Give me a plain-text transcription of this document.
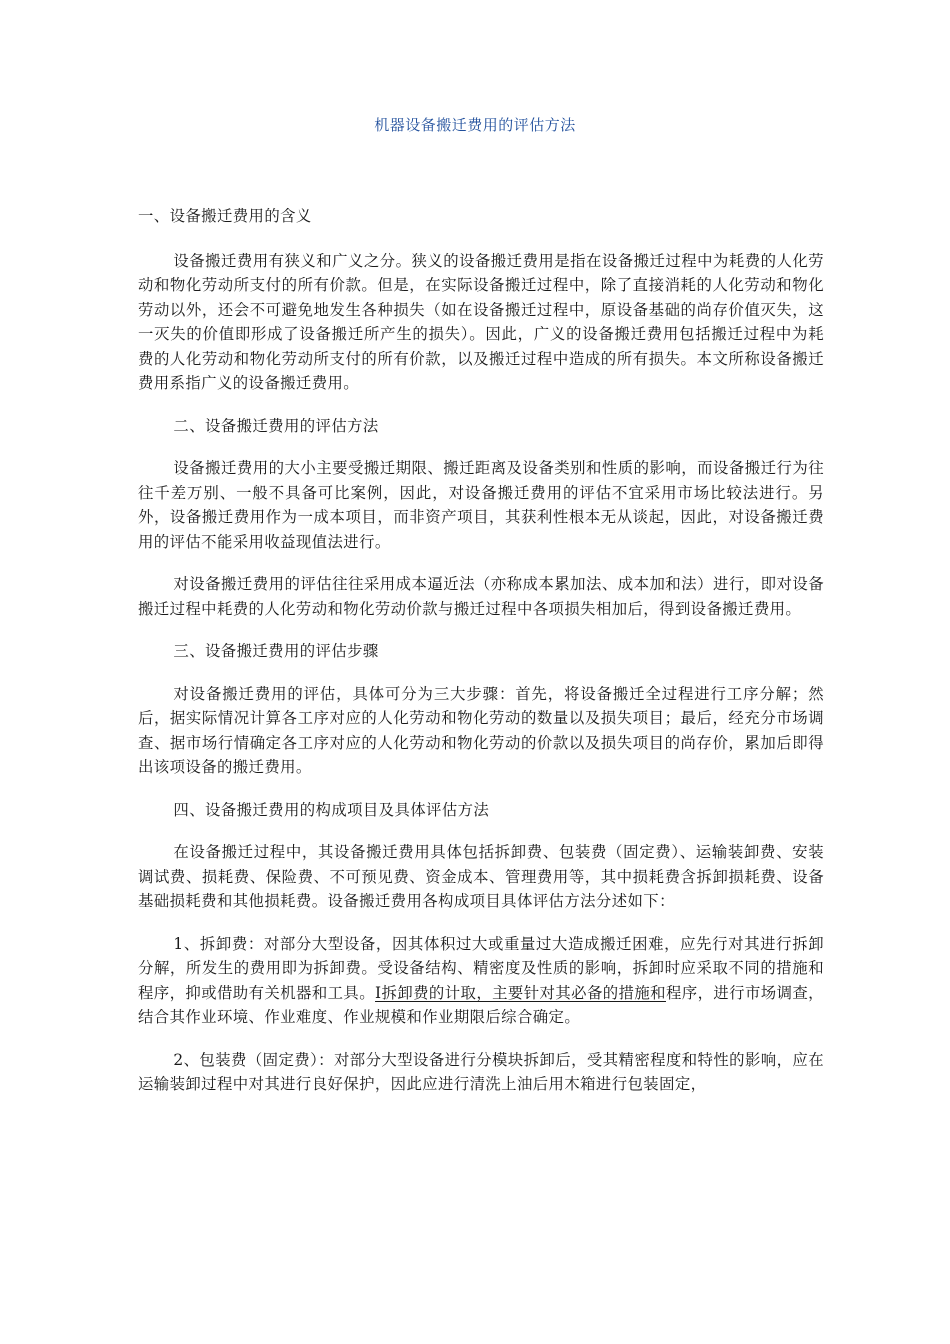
机器设备搬迁费用的评估方法

一、设备搬迁费用的含义

设备搬迁费用有狭义和广义之分。狭义的设备搬迁费用是指在设备搬迁过程中为耗费的人化劳动和物化劳动所支付的所有价款。但是，在实际设备搬迁过程中，除了直接消耗的人化劳动和物化劳动以外，还会不可避免地发生各种损失（如在设备搬迁过程中，原设备基础的尚存价值灭失，这一灭失的价值即形成了设备搬迁所产生的损失）。因此，广义的设备搬迁费用包括搬迁过程中为耗费的人化劳动和物化劳动所支付的所有价款，以及搬迁过程中造成的所有损失。本文所称设备搬迁费用系指广义的设备搬迁费用。

二、设备搬迁费用的评估方法

设备搬迁费用的大小主要受搬迁期限、搬迁距离及设备类别和性质的影响，而设备搬迁行为往往千差万别、一般不具备可比案例，因此，对设备搬迁费用的评估不宜采用市场比较法进行。另外，设备搬迁费用作为一成本项目，而非资产项目，其获利性根本无从谈起，因此，对设备搬迁费用的评估不能采用收益现值法进行。

对设备搬迁费用的评估往往采用成本逼近法（亦称成本累加法、成本加和法）进行，即对设备搬迁过程中耗费的人化劳动和物化劳动价款与搬迁过程中各项损失相加后，得到设备搬迁费用。

三、设备搬迁费用的评估步骤

对设备搬迁费用的评估，具体可分为三大步骤：首先，将设备搬迁全过程进行工序分解；然后，据实际情况计算各工序对应的人化劳动和物化劳动的数量以及损失项目；最后，经充分市场调查、据市场行情确定各工序对应的人化劳动和物化劳动的价款以及损失项目的尚存价，累加后即得出该项设备的搬迁费用。

四、设备搬迁费用的构成项目及具体评估方法

在设备搬迁过程中，其设备搬迁费用具体包括拆卸费、包装费（固定费）、运输装卸费、安装调试费、损耗费、保险费、不可预见费、资金成本、管理费用等，其中损耗费含拆卸损耗费、设备基础损耗费和其他损耗费。设备搬迁费用各构成项目具体评估方法分述如下：

1、拆卸费：对部分大型设备，因其体积过大或重量过大造成搬迁困难，应先行对其进行拆卸分解，所发生的费用即为拆卸费。受设备结构、精密度及性质的影响，拆卸时应采取不同的措施和程序，抑或借助有关机器和工具。I拆卸费的计取，主要针对其必备的措施和程序，进行市场调查，结合其作业环境、作业难度、作业规模和作业期限后综合确定。

2、包装费（固定费）：对部分大型设备进行分模块拆卸后，受其精密程度和特性的影响，应在运输装卸过程中对其进行良好保护，因此应进行清洗上油后用木箱进行包装固定，
